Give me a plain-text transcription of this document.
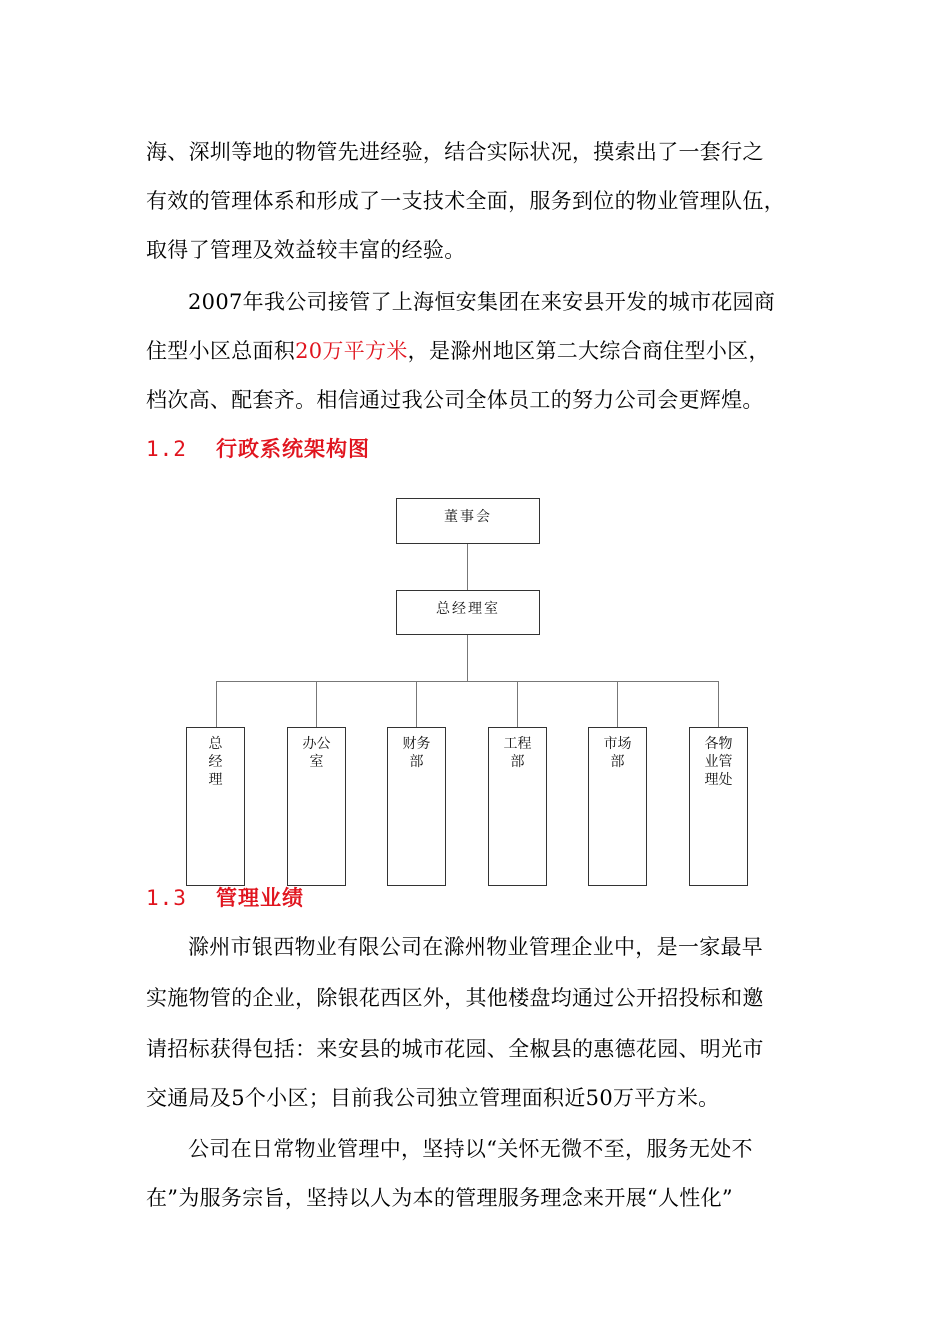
海、深圳等地的物管先进经验，结合实际状况，摸索出了一套行之
有效的管理体系和形成了一支技术全面，服务到位的物业管理队伍，
取得了管理及效益较丰富的经验。
2007年我公司接管了上海恒安集团在来安县开发的城市花园商
住型小区总面积20万平方米，是滁州地区第二大综合商住型小区，
档次高、配套齐。相信通过我公司全体员工的努力公司会更辉煌。
1.2 行政系统架构图
董事会
总经理室
总经理
办公室
财务部
工程部
市场部
各物业管理处
1.3 管理业绩
滁州市银西物业有限公司在滁州物业管理企业中，是一家最早
实施物管的企业，除银花西区外，其他楼盘均通过公开招投标和邀
请招标获得包括：来安县的城市花园、全椒县的惠德花园、明光市
交通局及5个小区；目前我公司独立管理面积近50万平方米。
公司在日常物业管理中，坚持以“关怀无微不至，服务无处不
在”为服务宗旨，坚持以人为本的管理服务理念来开展“人性化”
